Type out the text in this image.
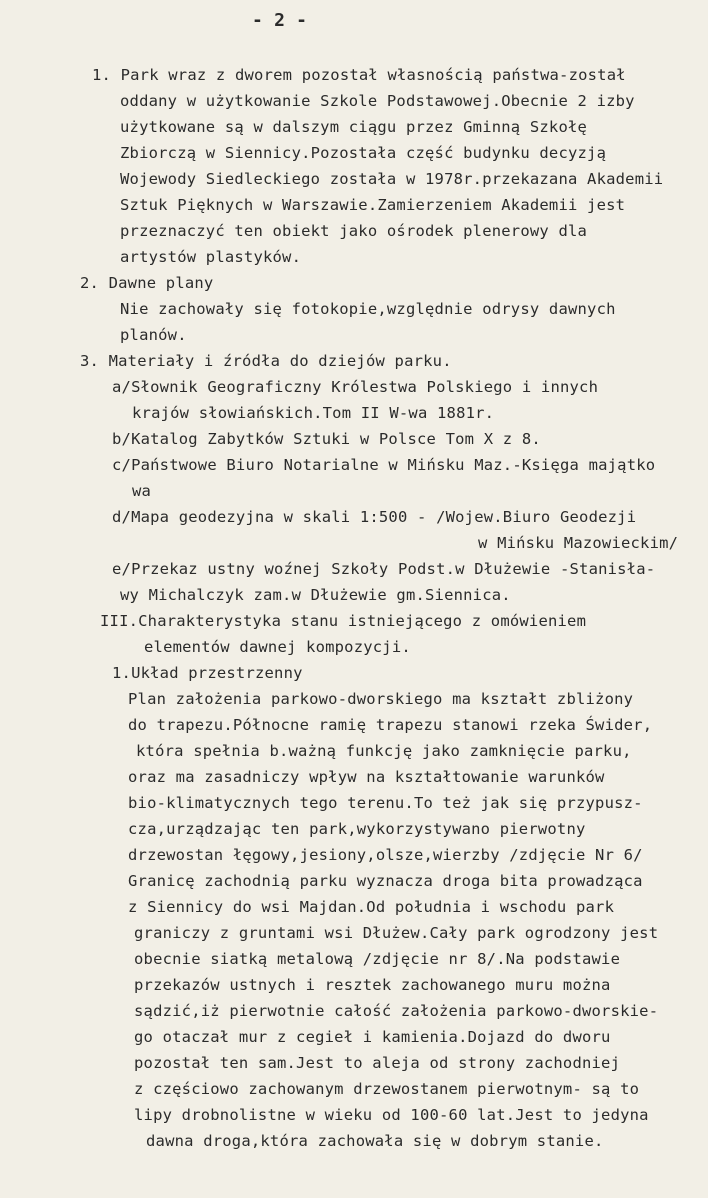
- 2 -
1. Park wraz z dworem pozostał własnością państwa-został
oddany w użytkowanie Szkole Podstawowej.Obecnie 2 izby
użytkowane są w dalszym ciągu przez Gminną Szkołę
Zbiorczą w Siennicy.Pozostała część budynku decyzją
Wojewody Siedleckiego została w 1978r.przekazana Akademii
Sztuk Pięknych w Warszawie.Zamierzeniem Akademii jest
przeznaczyć ten obiekt jako ośrodek plenerowy dla
artystów plastyków.
2. Dawne plany
Nie zachowały się fotokopie,względnie odrysy dawnych
planów.
3. Materiały i źródła do dziejów parku.
a/Słownik Geograficzny Królestwa Polskiego i innych
krajów słowiańskich.Tom II W-wa 1881r.
b/Katalog Zabytków Sztuki w Polsce Tom X z 8.
c/Państwowe Biuro Notarialne w Mińsku Maz.-Księga majątko
wa
d/Mapa geodezyjna w skali 1:500 - /Wojew.Biuro Geodezji
w Mińsku Mazowieckim/
e/Przekaz ustny woźnej Szkoły Podst.w Dłużewie -Stanisła-
wy Michalczyk zam.w Dłużewie gm.Siennica.
III.Charakterystyka stanu istniejącego z omówieniem
elementów dawnej kompozycji.
1.Układ przestrzenny
Plan założenia parkowo-dworskiego ma kształt zbliżony
do trapezu.Północne ramię trapezu stanowi rzeka Świder,
która spełnia b.ważną funkcję jako zamknięcie parku,
oraz ma zasadniczy wpływ na kształtowanie warunków
bio-klimatycznych tego terenu.To też jak się przypusz-
cza,urządzając ten park,wykorzystywano pierwotny
drzewostan łęgowy,jesiony,olsze,wierzby /zdjęcie Nr 6/
Granicę zachodnią parku wyznacza droga bita prowadząca
z Siennicy do wsi Majdan.Od południa i wschodu park
graniczy z gruntami wsi Dłużew.Cały park ogrodzony jest
obecnie siatką metalową /zdjęcie nr 8/.Na podstawie
przekazów ustnych i resztek zachowanego muru można
sądzić,iż pierwotnie całość założenia parkowo-dworskie-
go otaczał mur z cegieł i kamienia.Dojazd do dworu
pozostał ten sam.Jest to aleja od strony zachodniej
z częściowo zachowanym drzewostanem pierwotnym- są to
lipy drobnolistne w wieku od 100-60 lat.Jest to jedyna
dawna droga,która zachowała się w dobrym stanie.
